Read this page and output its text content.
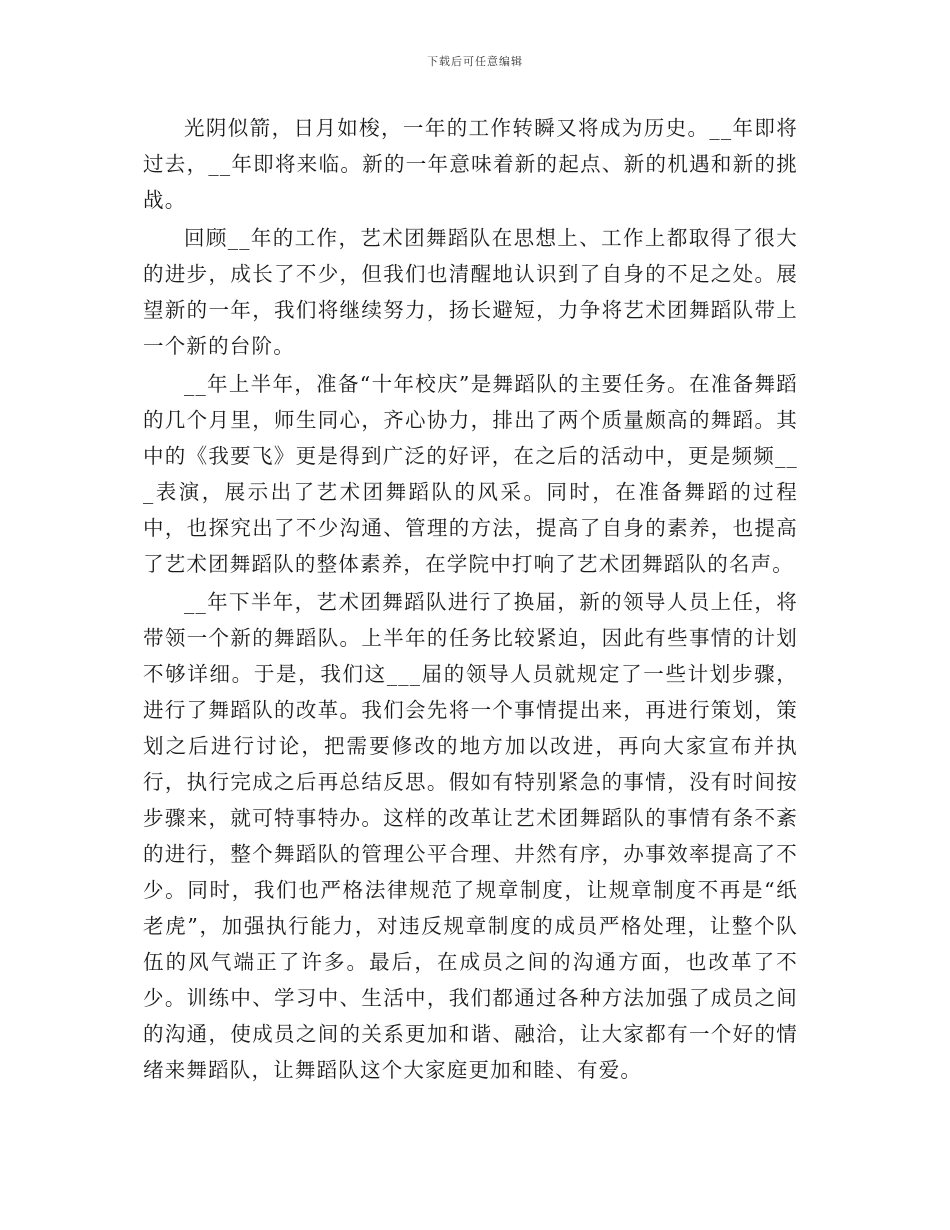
下载后可任意编辑

光阴似箭，日月如梭，一年的工作转瞬又将成为历史。__年即将过去，__年即将来临。新的一年意味着新的起点、新的机遇和新的挑战。

回顾__年的工作，艺术团舞蹈队在思想上、工作上都取得了很大的进步，成长了不少，但我们也清醒地认识到了自身的不足之处。展望新的一年，我们将继续努力，扬长避短，力争将艺术团舞蹈队带上一个新的台阶。

__年上半年，准备“十年校庆”是舞蹈队的主要任务。在准备舞蹈的几个月里，师生同心，齐心协力，排出了两个质量颇高的舞蹈。其中的《我要飞》更是得到广泛的好评，在之后的活动中，更是频频___表演，展示出了艺术团舞蹈队的风采。同时，在准备舞蹈的过程中，也探究出了不少沟通、管理的方法，提高了自身的素养，也提高了艺术团舞蹈队的整体素养，在学院中打响了艺术团舞蹈队的名声。

__年下半年，艺术团舞蹈队进行了换届，新的领导人员上任，将带领一个新的舞蹈队。上半年的任务比较紧迫，因此有些事情的计划不够详细。于是，我们这___届的领导人员就规定了一些计划步骤，进行了舞蹈队的改革。我们会先将一个事情提出来，再进行策划，策划之后进行讨论，把需要修改的地方加以改进，再向大家宣布并执行，执行完成之后再总结反思。假如有特别紧急的事情，没有时间按步骤来，就可特事特办。这样的改革让艺术团舞蹈队的事情有条不紊的进行，整个舞蹈队的管理公平合理、井然有序，办事效率提高了不少。同时，我们也严格法律规范了规章制度，让规章制度不再是“纸老虎”，加强执行能力，对违反规章制度的成员严格处理，让整个队伍的风气端正了许多。最后，在成员之间的沟通方面，也改革了不少。训练中、学习中、生活中，我们都通过各种方法加强了成员之间的沟通，使成员之间的关系更加和谐、融洽，让大家都有一个好的情绪来舞蹈队，让舞蹈队这个大家庭更加和睦、有爱。
